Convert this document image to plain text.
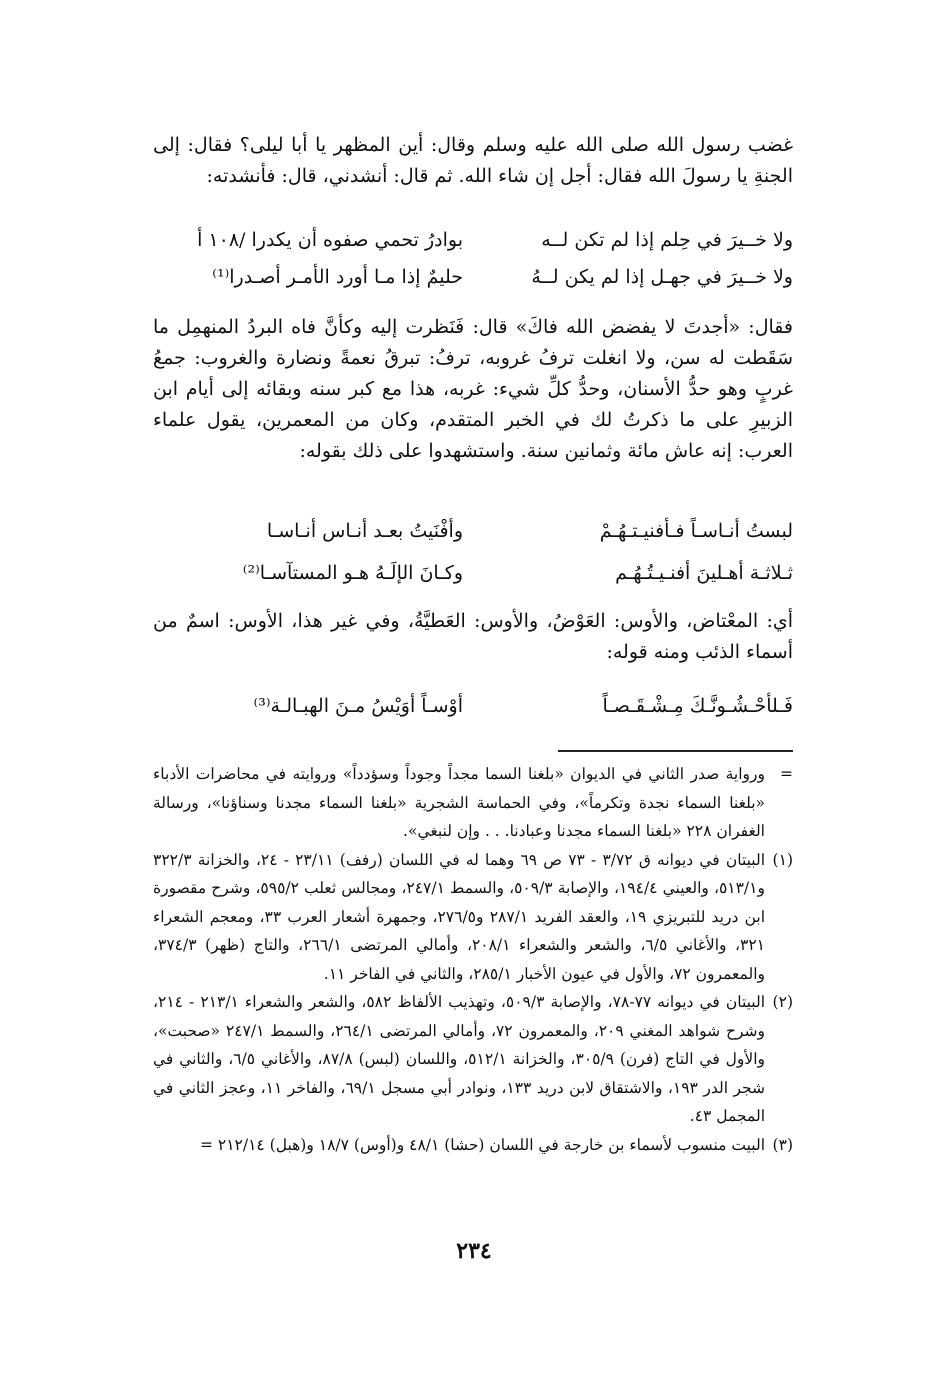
غضب رسول الله صلى الله عليه وسلم وقال: أين المظهر يا أبا ليلى؟ فقال: إلى الجنةِ يا رسولَ الله فقال: أجل إن شاء الله. ثم قال: أنشدني، قال: فأنشدته:

ولا خــيرَ في حِلم إذا لم تكن لــه
بوادرُ تحمي صفوه أن يكدرا /١٠٨ أ
ولا خــيرَ في جهـل إذا لم يكن لــهُ
حليمٌ إذا مـا أورد الأمـر أصـدرا⁽¹⁾

فقال: «أجدتَ لا يفضض الله فاكَ» قال: فَنَظرت إليه وكأنَّ فاه البردُ المنهمِل ما سَقَطت له سن، ولا انغلت ترفُ غروبه، ترفُ: تبرقُ نعمةً ونضارة والغروب: جمعُ غربٍ وهو حدُّ الأسنان، وحدُّ كلِّ شيء: غربه، هذا مع كبر سنه وبقائه إلى أيام ابن الزبيرِ على ما ذكرتُ لك في الخبر المتقدم، وكان من المعمرين، يقول علماء العرب: إنه عاش مائة وثمانين سنة. واستشهدوا على ذلك بقوله:

لبستُ أنـاسـاً فـأفنيـتـهُـمْ
وأفْنَيتُ بعـد أنـاس أنـاسـا
ثـلاثـة أهـلينَ أفنـيـتُـهُـم
وكـانَ الإلَـهُ هـو المستآسـا⁽²⁾

أي: المعْتاض، والأوس: العَوْضُ، والأوس: العَطيَّةُ، وفي غير هذا، الأوس: اسمٌ من أسماء الذئب ومنه قوله:

فَـلأحْـشُـونَّـكَ مِـشْـقَـصـاً
أوْسـاً أوَيْسُ مـنَ الهبـالـة⁽³⁾
=
ورواية صدر الثاني في الديوان «بلغنا السما مجداً وجوداً وسؤدداً» وروايته في محاضرات الأدباء «بلغنا السماء نجدة وتكرماً»، وفي الحماسة الشجرية «بلغنا السماء مجدنا وسناؤنا»، ورسالة الغفران ٢٢٨ «بلغنا السماء مجدنا وعبادنا. . . وإن لنبغي».
(١)
البيتان في ديوانه ق ٣/٧٢ - ٧٣ ص ٦٩ وهما له في اللسان (رفف) ٢٣/١١ - ٢٤، والخزانة ٣٢٢/٣ و٥١٣/١، والعيني ١٩٤/٤، والإصابة ٥٠٩/٣، والسمط ٢٤٧/١، ومجالس ثعلب ٥٩٥/٢، وشرح مقصورة ابن دريد للتبريزي ١٩، والعقد الفريد ٢٨٧/١ و٢٧٦/٥، وجمهرة أشعار العرب ٣٣، ومعجم الشعراء ٣٢١، والأغاني ٦/٥، والشعر والشعراء ٢٠٨/١، وأمالي المرتضى ٢٦٦/١، والتاج (ظهر) ٣٧٤/٣، والمعمرون ٧٢، والأول في عيون الأخبار ٢٨٥/١، والثاني في الفاخر ١١.
(٢)
البيتان في ديوانه ٧٧-٧٨، والإصابة ٥٠٩/٣، وتهذيب الألفاظ ٥٨٢، والشعر والشعراء ٢١٣/١ - ٢١٤، وشرح شواهد المغني ٢٠٩، والمعمرون ٧٢، وأمالي المرتضى ٢٦٤/١، والسمط ٢٤٧/١ «صحبت»، والأول في التاج (فرن) ٣٠٥/٩، والخزانة ٥١٢/١، واللسان (لبس) ٨٧/٨، والأغاني ٦/٥، والثاني في شجر الدر ١٩٣، والاشتقاق لابن دريد ١٣٣، ونوادر أبي مسجل ٦٩/١، والفاخر ١١، وعجز الثاني في المجمل ٤٣.
(٣)
البيت منسوب لأسماء بن خارجة في اللسان (حشا) ٤٨/١ و(أوس) ١٨/٧ و(هبل) ٢١٢/١٤ =
٢٣٤
